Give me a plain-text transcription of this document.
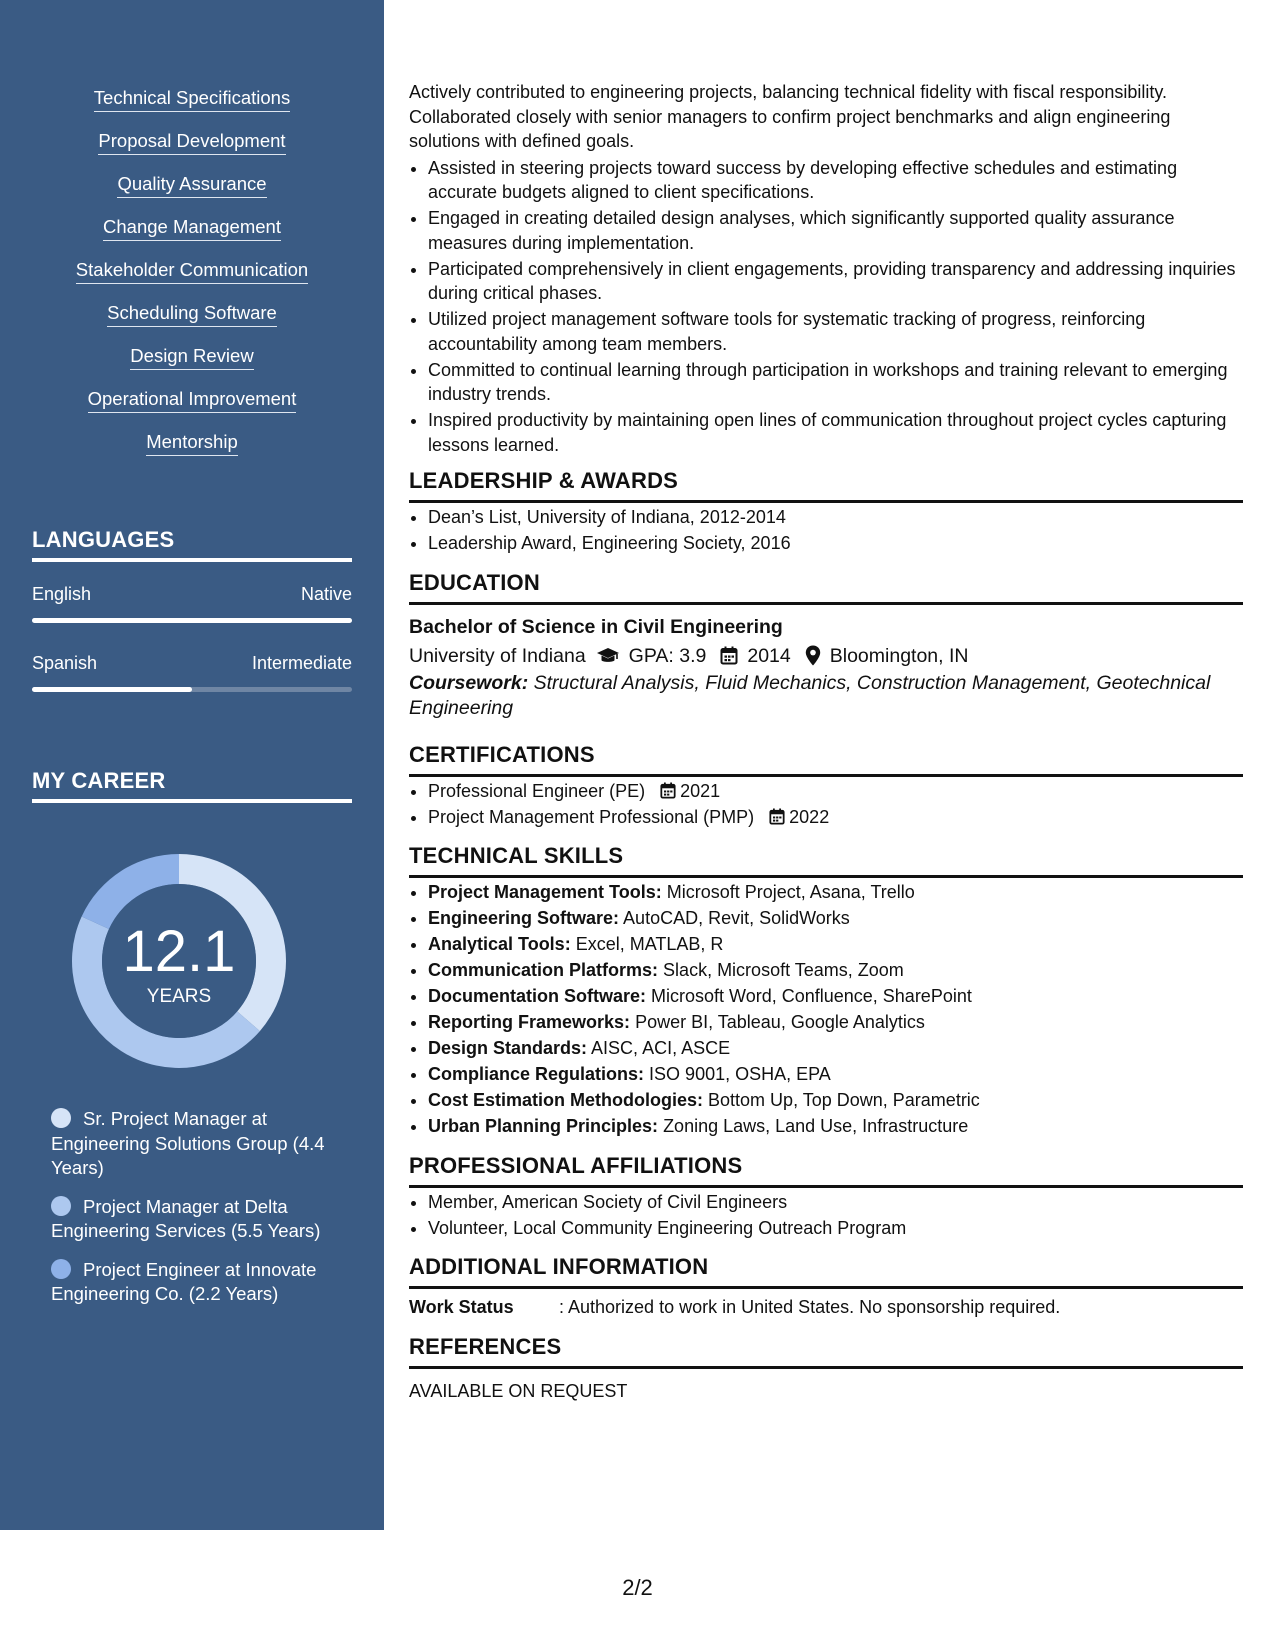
Technical Specifications
Proposal Development
Quality Assurance
Change Management
Stakeholder Communication
Scheduling Software
Design Review
Operational Improvement
Mentorship
LANGUAGES
English	Native
Spanish	Intermediate
MY CAREER
12.1
YEARS
Sr. Project Manager at Engineering Solutions Group (4.4 Years)
Project Manager at Delta Engineering Services (5.5 Years)
Project Engineer at Innovate Engineering Co. (2.2 Years)

Actively contributed to engineering projects, balancing technical fidelity with fiscal responsibility. Collaborated closely with senior managers to confirm project benchmarks and align engineering solutions with defined goals.

• Assisted in steering projects toward success by developing effective schedules and estimating accurate budgets aligned to client specifications.
• Engaged in creating detailed design analyses, which significantly supported quality assurance measures during implementation.
• Participated comprehensively in client engagements, providing transparency and addressing inquiries during critical phases.
• Utilized project management software tools for systematic tracking of progress, reinforcing accountability among team members.
• Committed to continual learning through participation in workshops and training relevant to emerging industry trends.
• Inspired productivity by maintaining open lines of communication throughout project cycles capturing lessons learned.
LEADERSHIP & AWARDS
• Dean’s List, University of Indiana, 2012-2014
• Leadership Award, Engineering Society, 2016
EDUCATION
Bachelor of Science in Civil Engineering
University of Indiana GPA: 3.9 2014 Bloomington, IN
Coursework: Structural Analysis, Fluid Mechanics, Construction Management, Geotechnical Engineering
CERTIFICATIONS
• Professional Engineer (PE) 2021
• Project Management Professional (PMP) 2022
TECHNICAL SKILLS
• Project Management Tools: Microsoft Project, Asana, Trello
• Engineering Software: AutoCAD, Revit, SolidWorks
• Analytical Tools: Excel, MATLAB, R
• Communication Platforms: Slack, Microsoft Teams, Zoom
• Documentation Software: Microsoft Word, Confluence, SharePoint
• Reporting Frameworks: Power BI, Tableau, Google Analytics
• Design Standards: AISC, ACI, ASCE
• Compliance Regulations: ISO 9001, OSHA, EPA
• Cost Estimation Methodologies: Bottom Up, Top Down, Parametric
• Urban Planning Principles: Zoning Laws, Land Use, Infrastructure
PROFESSIONAL AFFILIATIONS
• Member, American Society of Civil Engineers
• Volunteer, Local Community Engineering Outreach Program
ADDITIONAL INFORMATION
Work Status	: Authorized to work in United States. No sponsorship required.
REFERENCES
AVAILABLE ON REQUEST
2/2
